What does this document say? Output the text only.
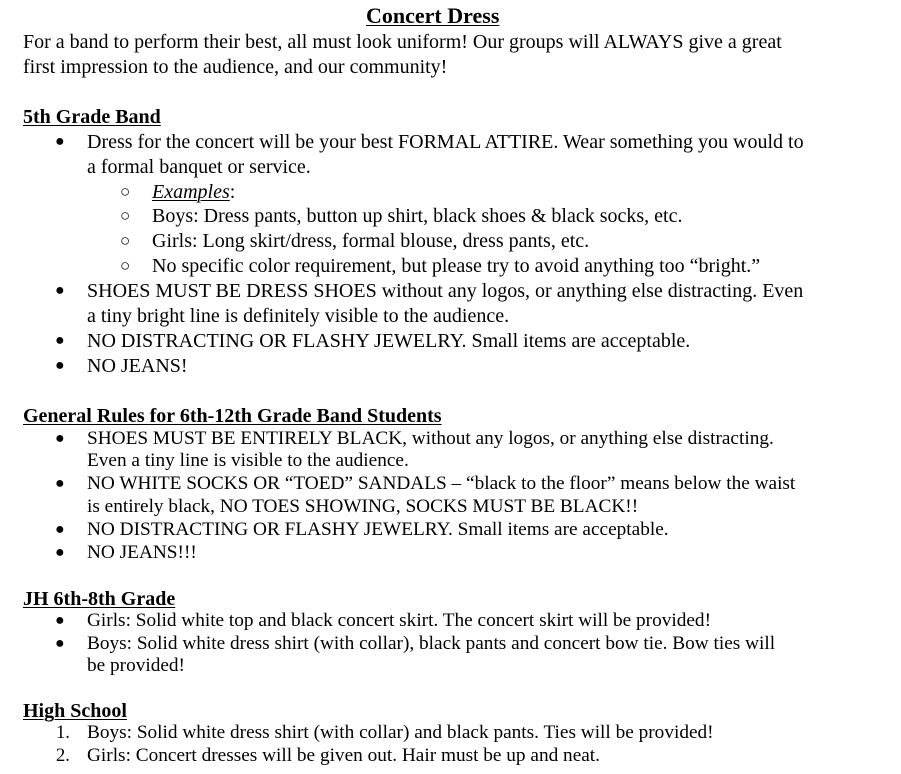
Concert Dress
For a band to perform their best, all must look uniform! Our groups will ALWAYS give a great
first impression to the audience, and our community!
5th Grade Band
● Dress for the concert will be your best FORMAL ATTIRE. Wear something you would to
a formal banquet or service.
○ Examples:
○ Boys: Dress pants, button up shirt, black shoes & black socks, etc.
○ Girls: Long skirt/dress, formal blouse, dress pants, etc.
○ No specific color requirement, but please try to avoid anything too “bright.”
● SHOES MUST BE DRESS SHOES without any logos, or anything else distracting. Even
a tiny bright line is definitely visible to the audience.
● NO DISTRACTING OR FLASHY JEWELRY. Small items are acceptable.
● NO JEANS!
General Rules for 6th-12th Grade Band Students
● SHOES MUST BE ENTIRELY BLACK, without any logos, or anything else distracting.
Even a tiny line is visible to the audience.
● NO WHITE SOCKS OR “TOED” SANDALS – “black to the floor” means below the waist
is entirely black, NO TOES SHOWING, SOCKS MUST BE BLACK!!
● NO DISTRACTING OR FLASHY JEWELRY. Small items are acceptable.
● NO JEANS!!!
JH 6th-8th Grade
● Girls: Solid white top and black concert skirt. The concert skirt will be provided!
● Boys: Solid white dress shirt (with collar), black pants and concert bow tie. Bow ties will
be provided!
High School
1. Boys: Solid white dress shirt (with collar) and black pants. Ties will be provided!
2. Girls: Concert dresses will be given out. Hair must be up and neat.
